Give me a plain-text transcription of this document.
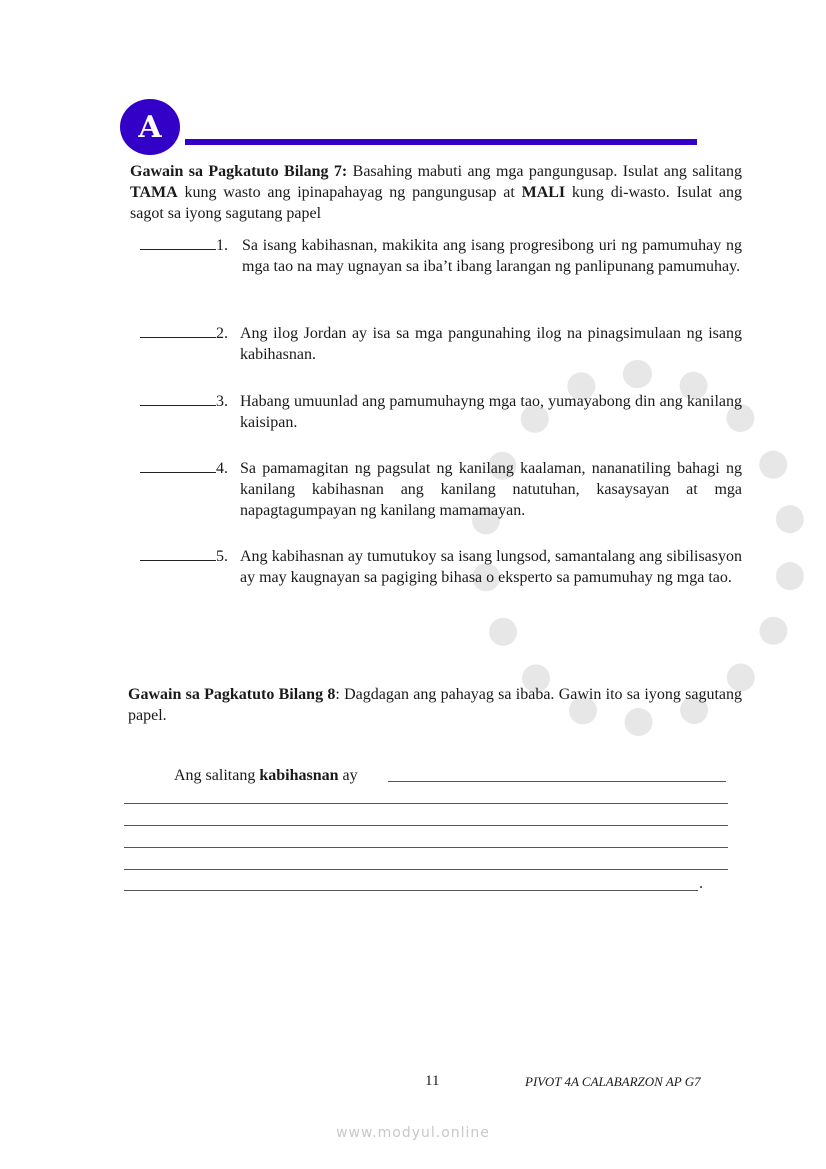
A
Gawain sa Pagkatuto Bilang 7: Basahing mabuti ang mga pangungusap. Isulat ang salitang TAMA kung wasto ang ipinapahayag ng pangungusap at MALI kung di-wasto. Isulat ang sagot sa iyong sagutang papel
1. Sa isang kabihasnan, makikita ang isang progresibong uri ng pamumuhay ng mga tao na may ugnayan sa iba’t ibang larangan ng panlipunang pamumuhay.
2. Ang ilog Jordan ay isa sa mga pangunahing ilog na pinagsimulaan ng isang kabihasnan.
3. Habang umuunlad ang pamumuhayng mga tao, yumayabong din ang kanilang kaisipan.
4. Sa pamamagitan ng pagsulat ng kanilang kaalaman, nananatiling bahagi ng kanilang kabihasnan ang kanilang natutuhan, kasaysayan at mga napagtagumpayan ng kanilang mamamayan.
5. Ang kabihasnan ay tumutukoy sa isang lungsod, samantalang ang sibilisasyon ay may kaugnayan sa pagiging bihasa o eksperto sa pamumuhay ng mga tao.
Gawain sa Pagkatuto Bilang 8: Dagdagan ang pahayag sa ibaba. Gawin ito sa iyong sagutang papel.
Ang salitang kabihasnan ay
.
11	PIVOT 4A CALABARZON AP G7
www.modyul.online
